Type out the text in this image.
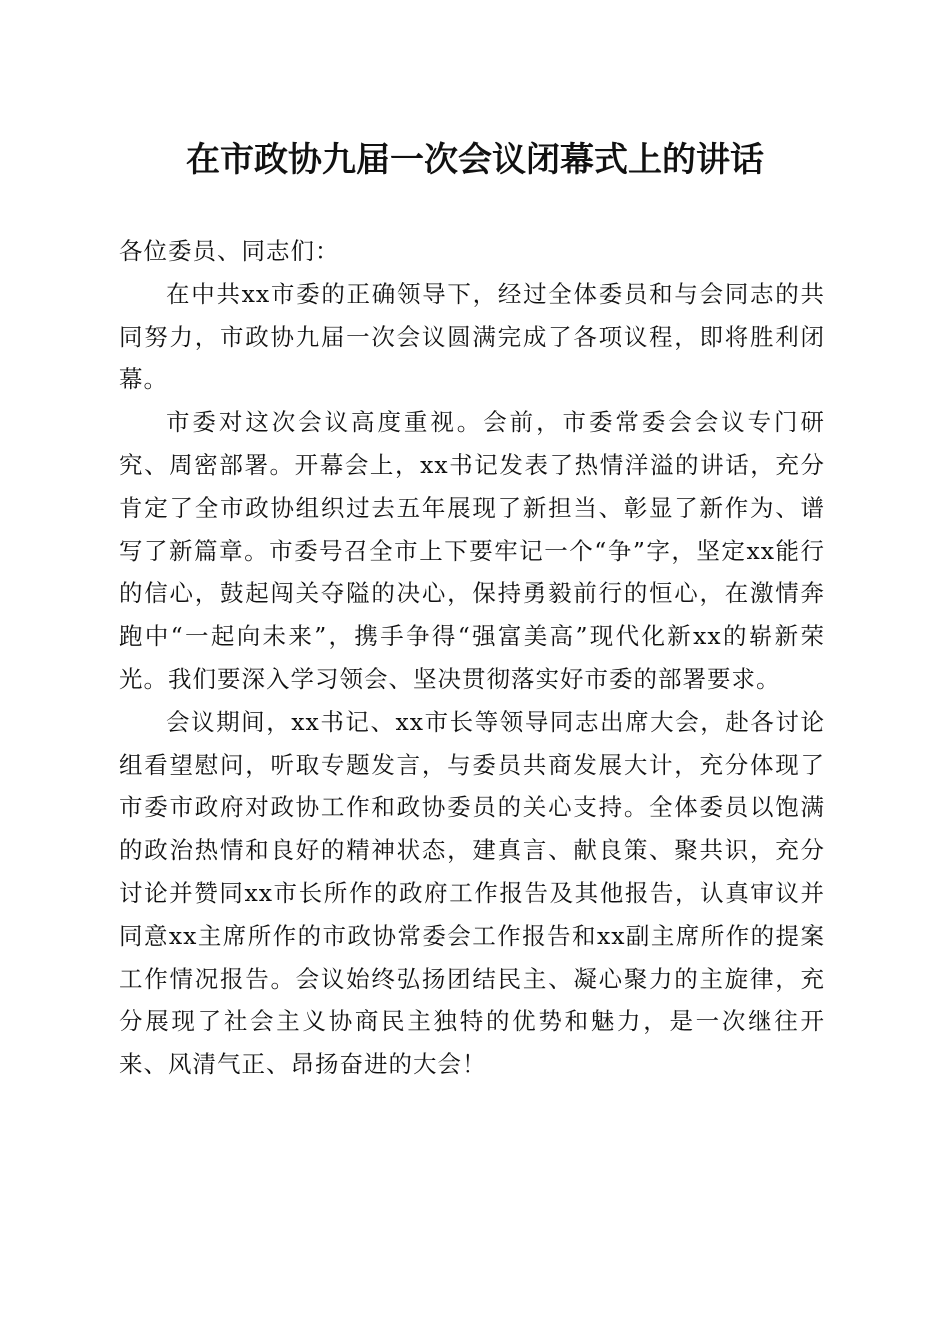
在市政协九届一次会议闭幕式上的讲话

各位委员、同志们：

在中共xx市委的正确领导下，经过全体委员和与会同志的共同努力，市政协九届一次会议圆满完成了各项议程，即将胜利闭幕。

市委对这次会议高度重视。会前，市委常委会会议专门研究、周密部署。开幕会上，xx书记发表了热情洋溢的讲话，充分肯定了全市政协组织过去五年展现了新担当、彰显了新作为、谱写了新篇章。市委号召全市上下要牢记一个“争”字，坚定xx能行的信心，鼓起闯关夺隘的决心，保持勇毅前行的恒心，在激情奔跑中“一起向未来”，携手争得“强富美高”现代化新xx的崭新荣光。我们要深入学习领会、坚决贯彻落实好市委的部署要求。

会议期间，xx书记、xx市长等领导同志出席大会，赴各讨论组看望慰问，听取专题发言，与委员共商发展大计，充分体现了市委市政府对政协工作和政协委员的关心支持。全体委员以饱满的政治热情和良好的精神状态，建真言、献良策、聚共识，充分讨论并赞同xx市长所作的政府工作报告及其他报告，认真审议并同意xx主席所作的市政协常委会工作报告和xx副主席所作的提案工作情况报告。会议始终弘扬团结民主、凝心聚力的主旋律，充分展现了社会主义协商民主独特的优势和魅力，是一次继往开来、风清气正、昂扬奋进的大会！
